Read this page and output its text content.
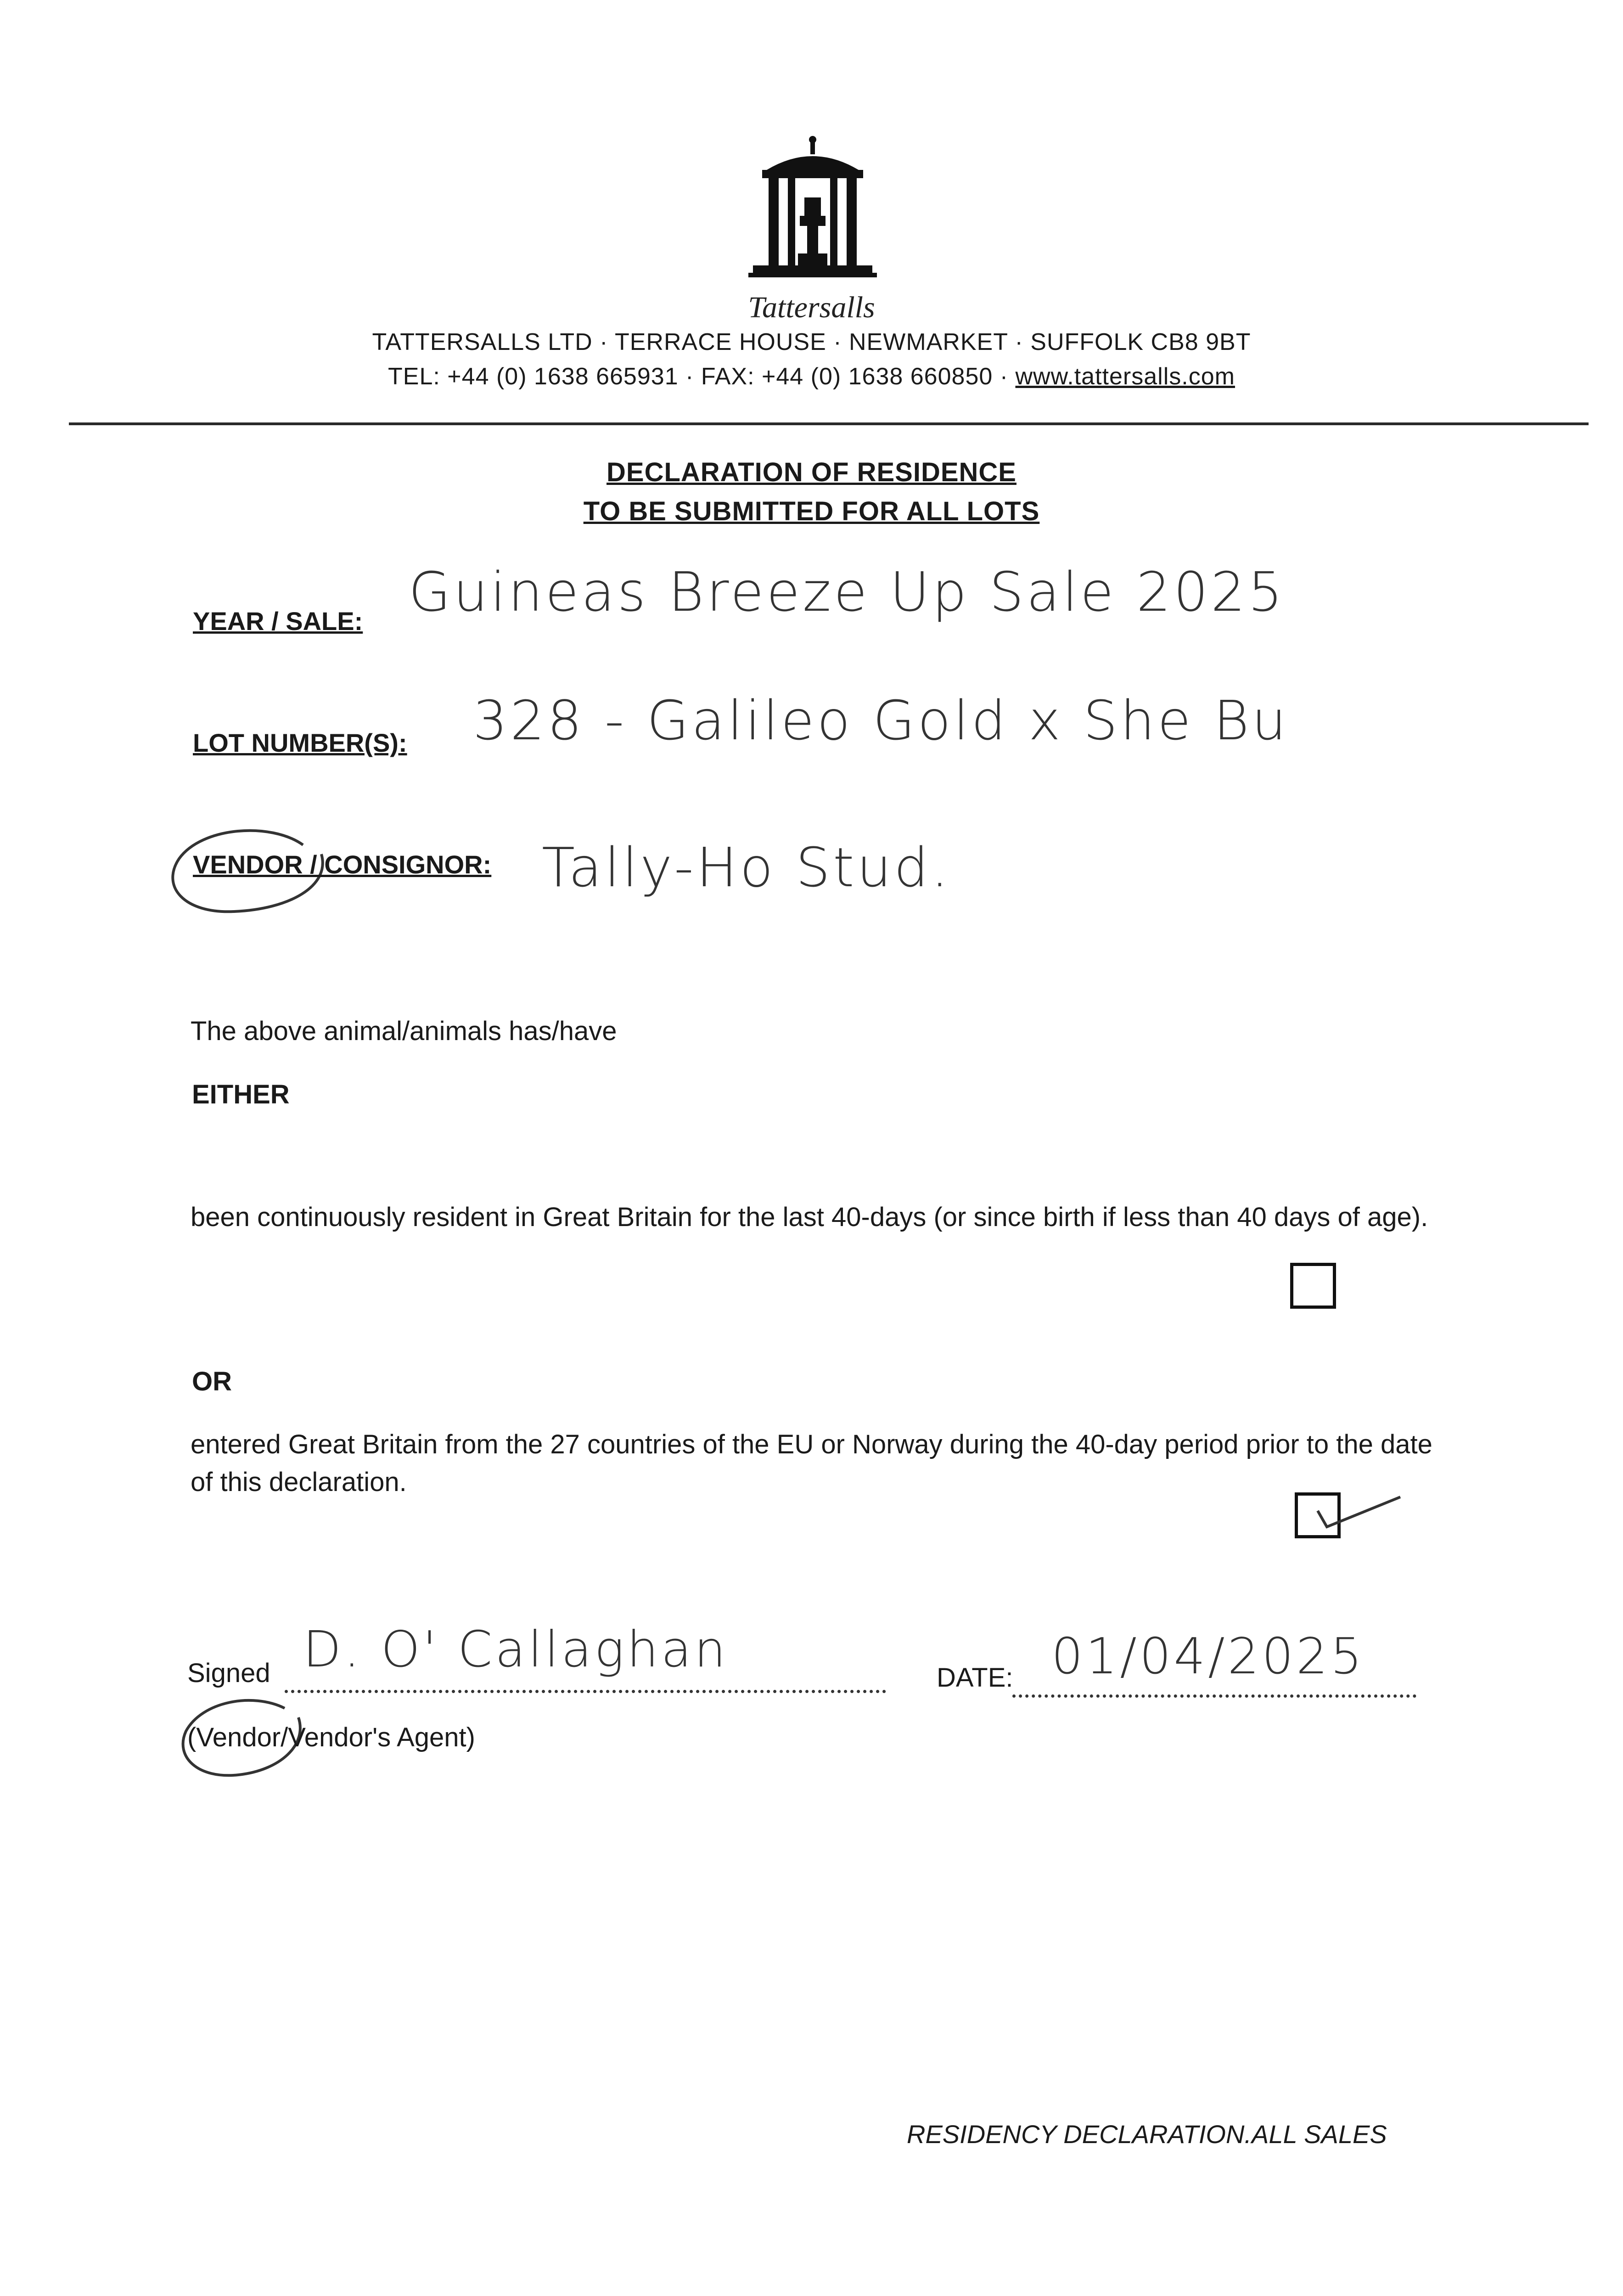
Tattersalls
TATTERSALLS LTD · TERRACE HOUSE · NEWMARKET · SUFFOLK CB8 9BT
TEL: +44 (0) 1638 665931 · FAX: +44 (0) 1638 660850 · www.tattersalls.com
DECLARATION OF RESIDENCE
TO BE SUBMITTED FOR ALL LOTS
YEAR / SALE: Guineas Breeze Up Sale 2025
LOT NUMBER(S): 328 - Galileo Gold x She Bu
VENDOR / CONSIGNOR: Tally-Ho Stud.
The above animal/animals has/have
EITHER
been continuously resident in Great Britain for the last 40-days (or since birth if less than 40 days of age).
OR
entered Great Britain from the 27 countries of the EU or Norway during the 40-day period prior to the date of this declaration.
Signed D. O' Callaghan	DATE: 01/04/2025
(Vendor/Vendor's Agent)
RESIDENCY DECLARATION.ALL SALES
